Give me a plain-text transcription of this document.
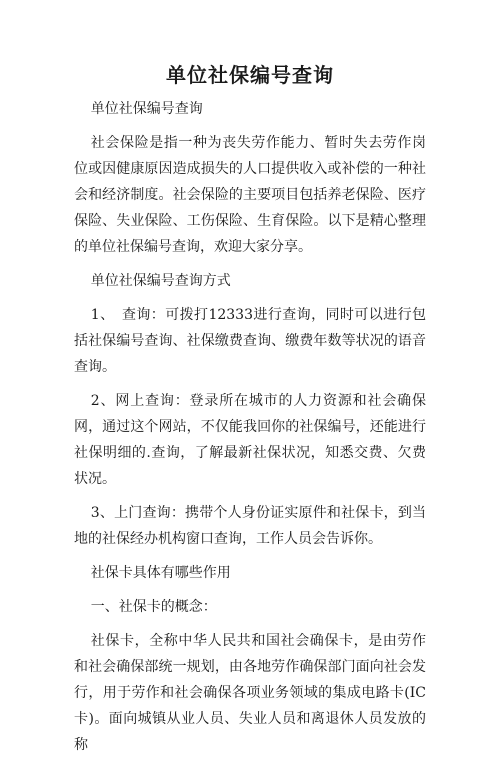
单位社保编号查询

单位社保编号查询

社会保险是指一种为丧失劳作能力、暂时失去劳作岗位或因健康原因造成损失的人口提供收入或补偿的一种社会和经济制度。社会保险的主要项目包括养老保险、医疗保险、失业保险、工伤保险、生育保险。以下是精心整理的单位社保编号查询，欢迎大家分享。

单位社保编号查询方式

1、　查询：可拨打12333进行查询，同时可以进行包括社保编号查询、社保缴费查询、缴费年数等状况的语音查询。

2、网上查询：登录所在城市的人力资源和社会确保网，通过这个网站，不仅能我回你的社保编号，还能进行社保明细的.查询，了解最新社保状况，知悉交费、欠费状况。

3、上门查询：携带个人身份证实原件和社保卡，到当地的社保经办机构窗口查询，工作人员会告诉你。

社保卡具体有哪些作用

一、社保卡的概念：

社保卡，全称中华人民共和国社会确保卡，是由劳作和社会确保部统一规划，由各地劳作确保部门面向社会发行，用于劳作和社会确保各项业务领域的集成电路卡(IC卡)。面向城镇从业人员、失业人员和离退休人员发放的称
